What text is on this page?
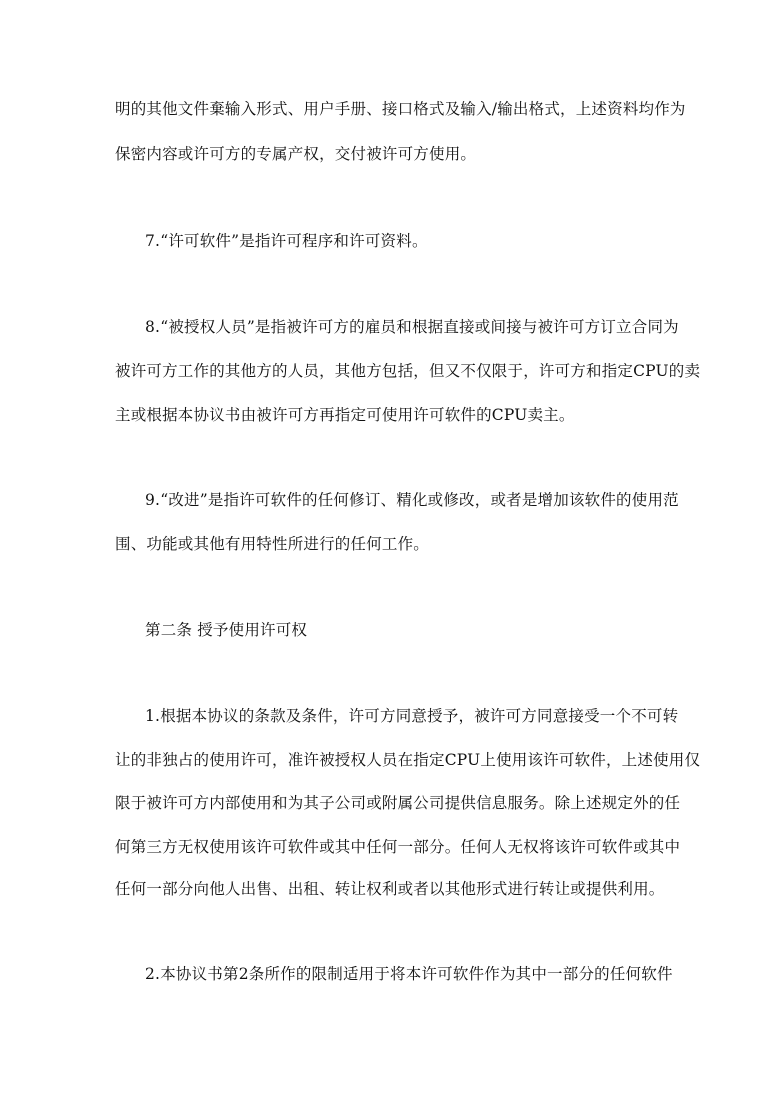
明的其他文件棄输入形式、用户手册、接口格式及输入/输出格式，上述资料均作为
保密内容或许可方的专属产权，交付被许可方使用。
7.“许可软件”是指许可程序和许可资料。
8.“被授权人员”是指被许可方的雇员和根据直接或间接与被许可方订立合同为
被许可方工作的其他方的人员，其他方包括，但又不仅限于，许可方和指定CPU的卖
主或根据本协议书由被许可方再指定可使用许可软件的CPU卖主。
9.“改进”是指许可软件的任何修订、精化或修改，或者是增加该软件的使用范
围、功能或其他有用特性所进行的任何工作。
第二条 授予使用许可权
1.根据本协议的条款及条件，许可方同意授予，被许可方同意接受一个不可转
让的非独占的使用许可，准许被授权人员在指定CPU上使用该许可软件，上述使用仅
限于被许可方内部使用和为其子公司或附属公司提供信息服务。除上述规定外的任
何第三方无权使用该许可软件或其中任何一部分。任何人无权将该许可软件或其中
任何一部分向他人出售、出租、转让权利或者以其他形式进行转让或提供利用。
2.本协议书第2条所作的限制适用于将本许可软件作为其中一部分的任何软件
